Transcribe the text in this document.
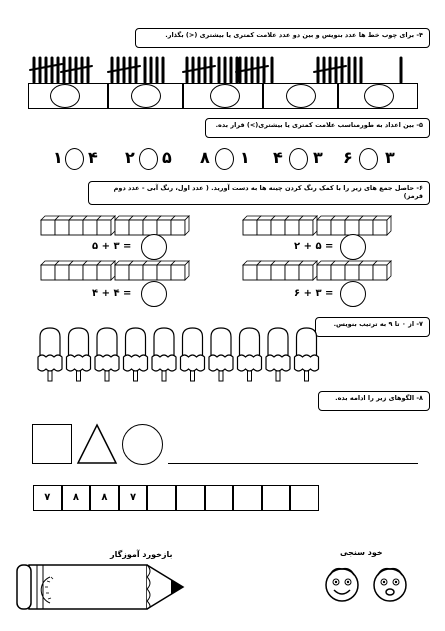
۴- برای چوب خط ها عدد بنویس و بین دو عدد علامت کمتری یا بیشتری (<) بگذار.
۵- بین اعداد به طورمناسب علامت کمتری یا بیشتری(>) قرار بده.
۱ ۴ ۲ ۵ ۸ ۱ ۴ ۳ ۶ ۳
۶- حاصل جمع های زیر را با کمک رنگ کردن چینه ها به دست آورید. ( عدد اول، رنگ آبی - عدد دوم قرمز)
۵ + ۳ =	۲ + ۵ =
۴ + ۴ =	۶ + ۳ =
۷- از ۰ تا ۹ به ترتیب بنویس.
۸- الگوهای زیر را ادامه بده.
۷
۸
۸
۷
خود سنجی
بازخورد آموزگار
